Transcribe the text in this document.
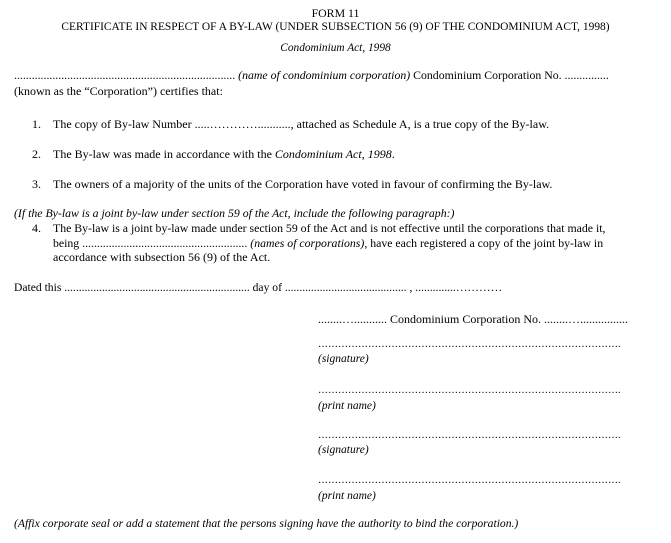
FORM 11
CERTIFICATE IN RESPECT OF A BY-LAW (UNDER SUBSECTION 56 (9) OF THE CONDOMINIUM ACT, 1998)
Condominium Act, 1998
........................................................................... (name of condominium corporation) Condominium Corporation No. ...............
(known as the “Corporation”) certifies that:
1. The copy of By-law Number .....…………..........., attached as Schedule A, is a true copy of the By-law.
2. The By-law was made in accordance with the Condominium Act, 1998.
3. The owners of a majority of the units of the Corporation have voted in favour of confirming the By-law.
(If the By-law is a joint by-law under section 59 of the Act, include the following paragraph:)
4. The By-law is a joint by-law made under section 59 of the Act and is not effective until the corporations that made it,
being ........................................................ (names of corporations), have each registered a copy of the joint by-law in
accordance with subsection 56 (9) of the Act.
Dated this ................................................................ day of .......................................... , ..............…………
........…........... Condominium Corporation No. ........…................
……………………………………………………………………………….
(signature)
……………………………………………………………………………….
(print name)
……………………………………………………………………………….
(signature)
……………………………………………………………………………….
(print name)
(Affix corporate seal or add a statement that the persons signing have the authority to bind the corporation.)
